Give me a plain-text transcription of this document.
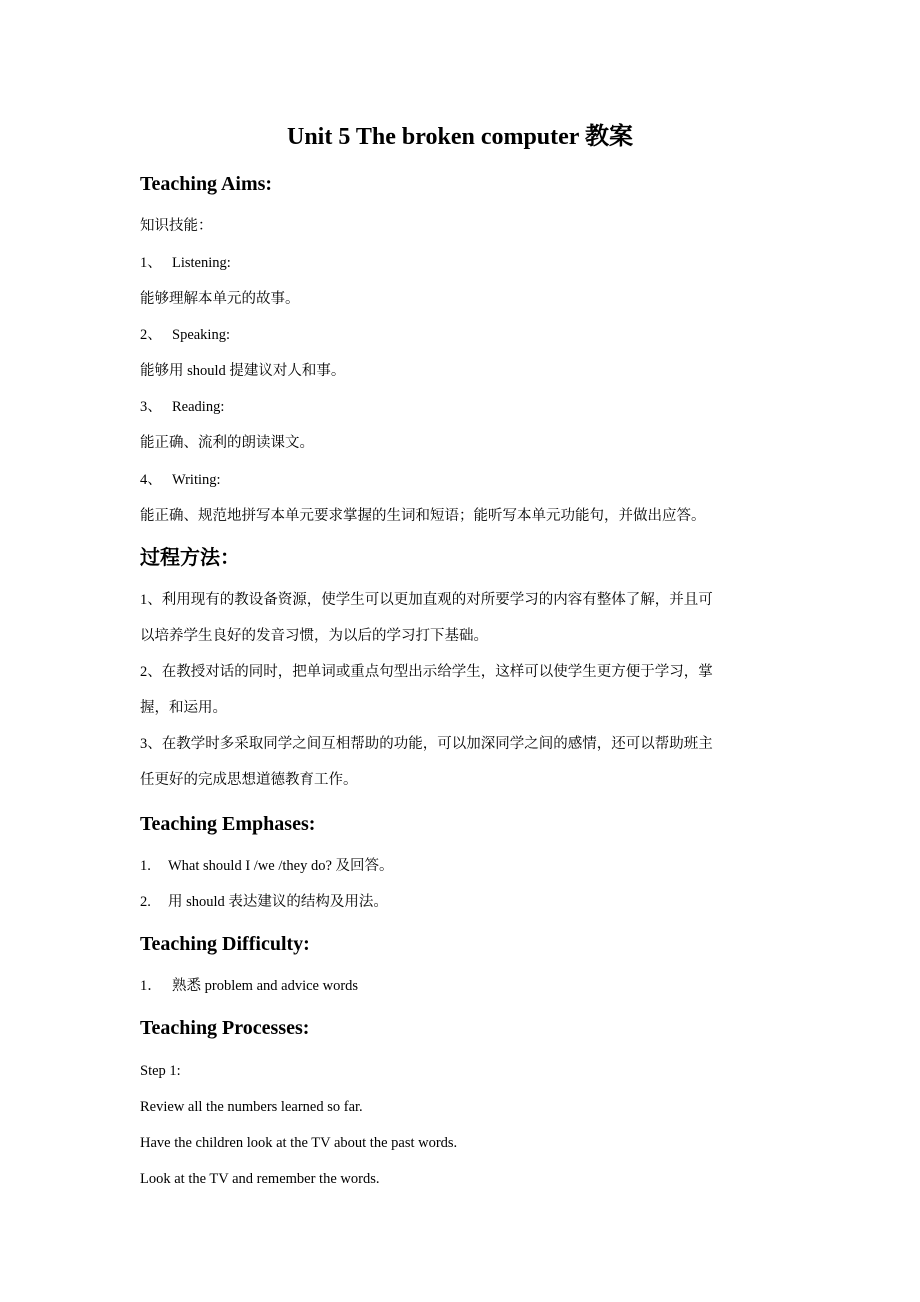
Unit 5 The broken computer 教案
Teaching Aims:
知识技能：
1、 Listening:
能够理解本单元的故事。
2、 Speaking:
能够用 should 提建议对人和事。
3、 Reading:
能正确、流利的朗读课文。
4、 Writing:
能正确、规范地拼写本单元要求掌握的生词和短语；能听写本单元功能句，并做出应答。
过程方法：
1、利用现有的教设备资源，使学生可以更加直观的对所要学习的内容有整体了解，并且可
以培养学生良好的发音习惯，为以后的学习打下基础。
2、在教授对话的同时，把单词或重点句型出示给学生，这样可以使学生更方便于学习，掌
握，和运用。
3、在教学时多采取同学之间互相帮助的功能，可以加深同学之间的感情，还可以帮助班主
任更好的完成思想道德教育工作。
Teaching Emphases:
1. What should I /we /they do? 及回答。
2. 用 should 表达建议的结构及用法。
Teaching Difficulty:
1． 熟悉 problem and advice words
Teaching Processes:
Step 1:
Review all the numbers learned so far.
Have the children look at the TV about the past words.
Look at the TV and remember the words.
